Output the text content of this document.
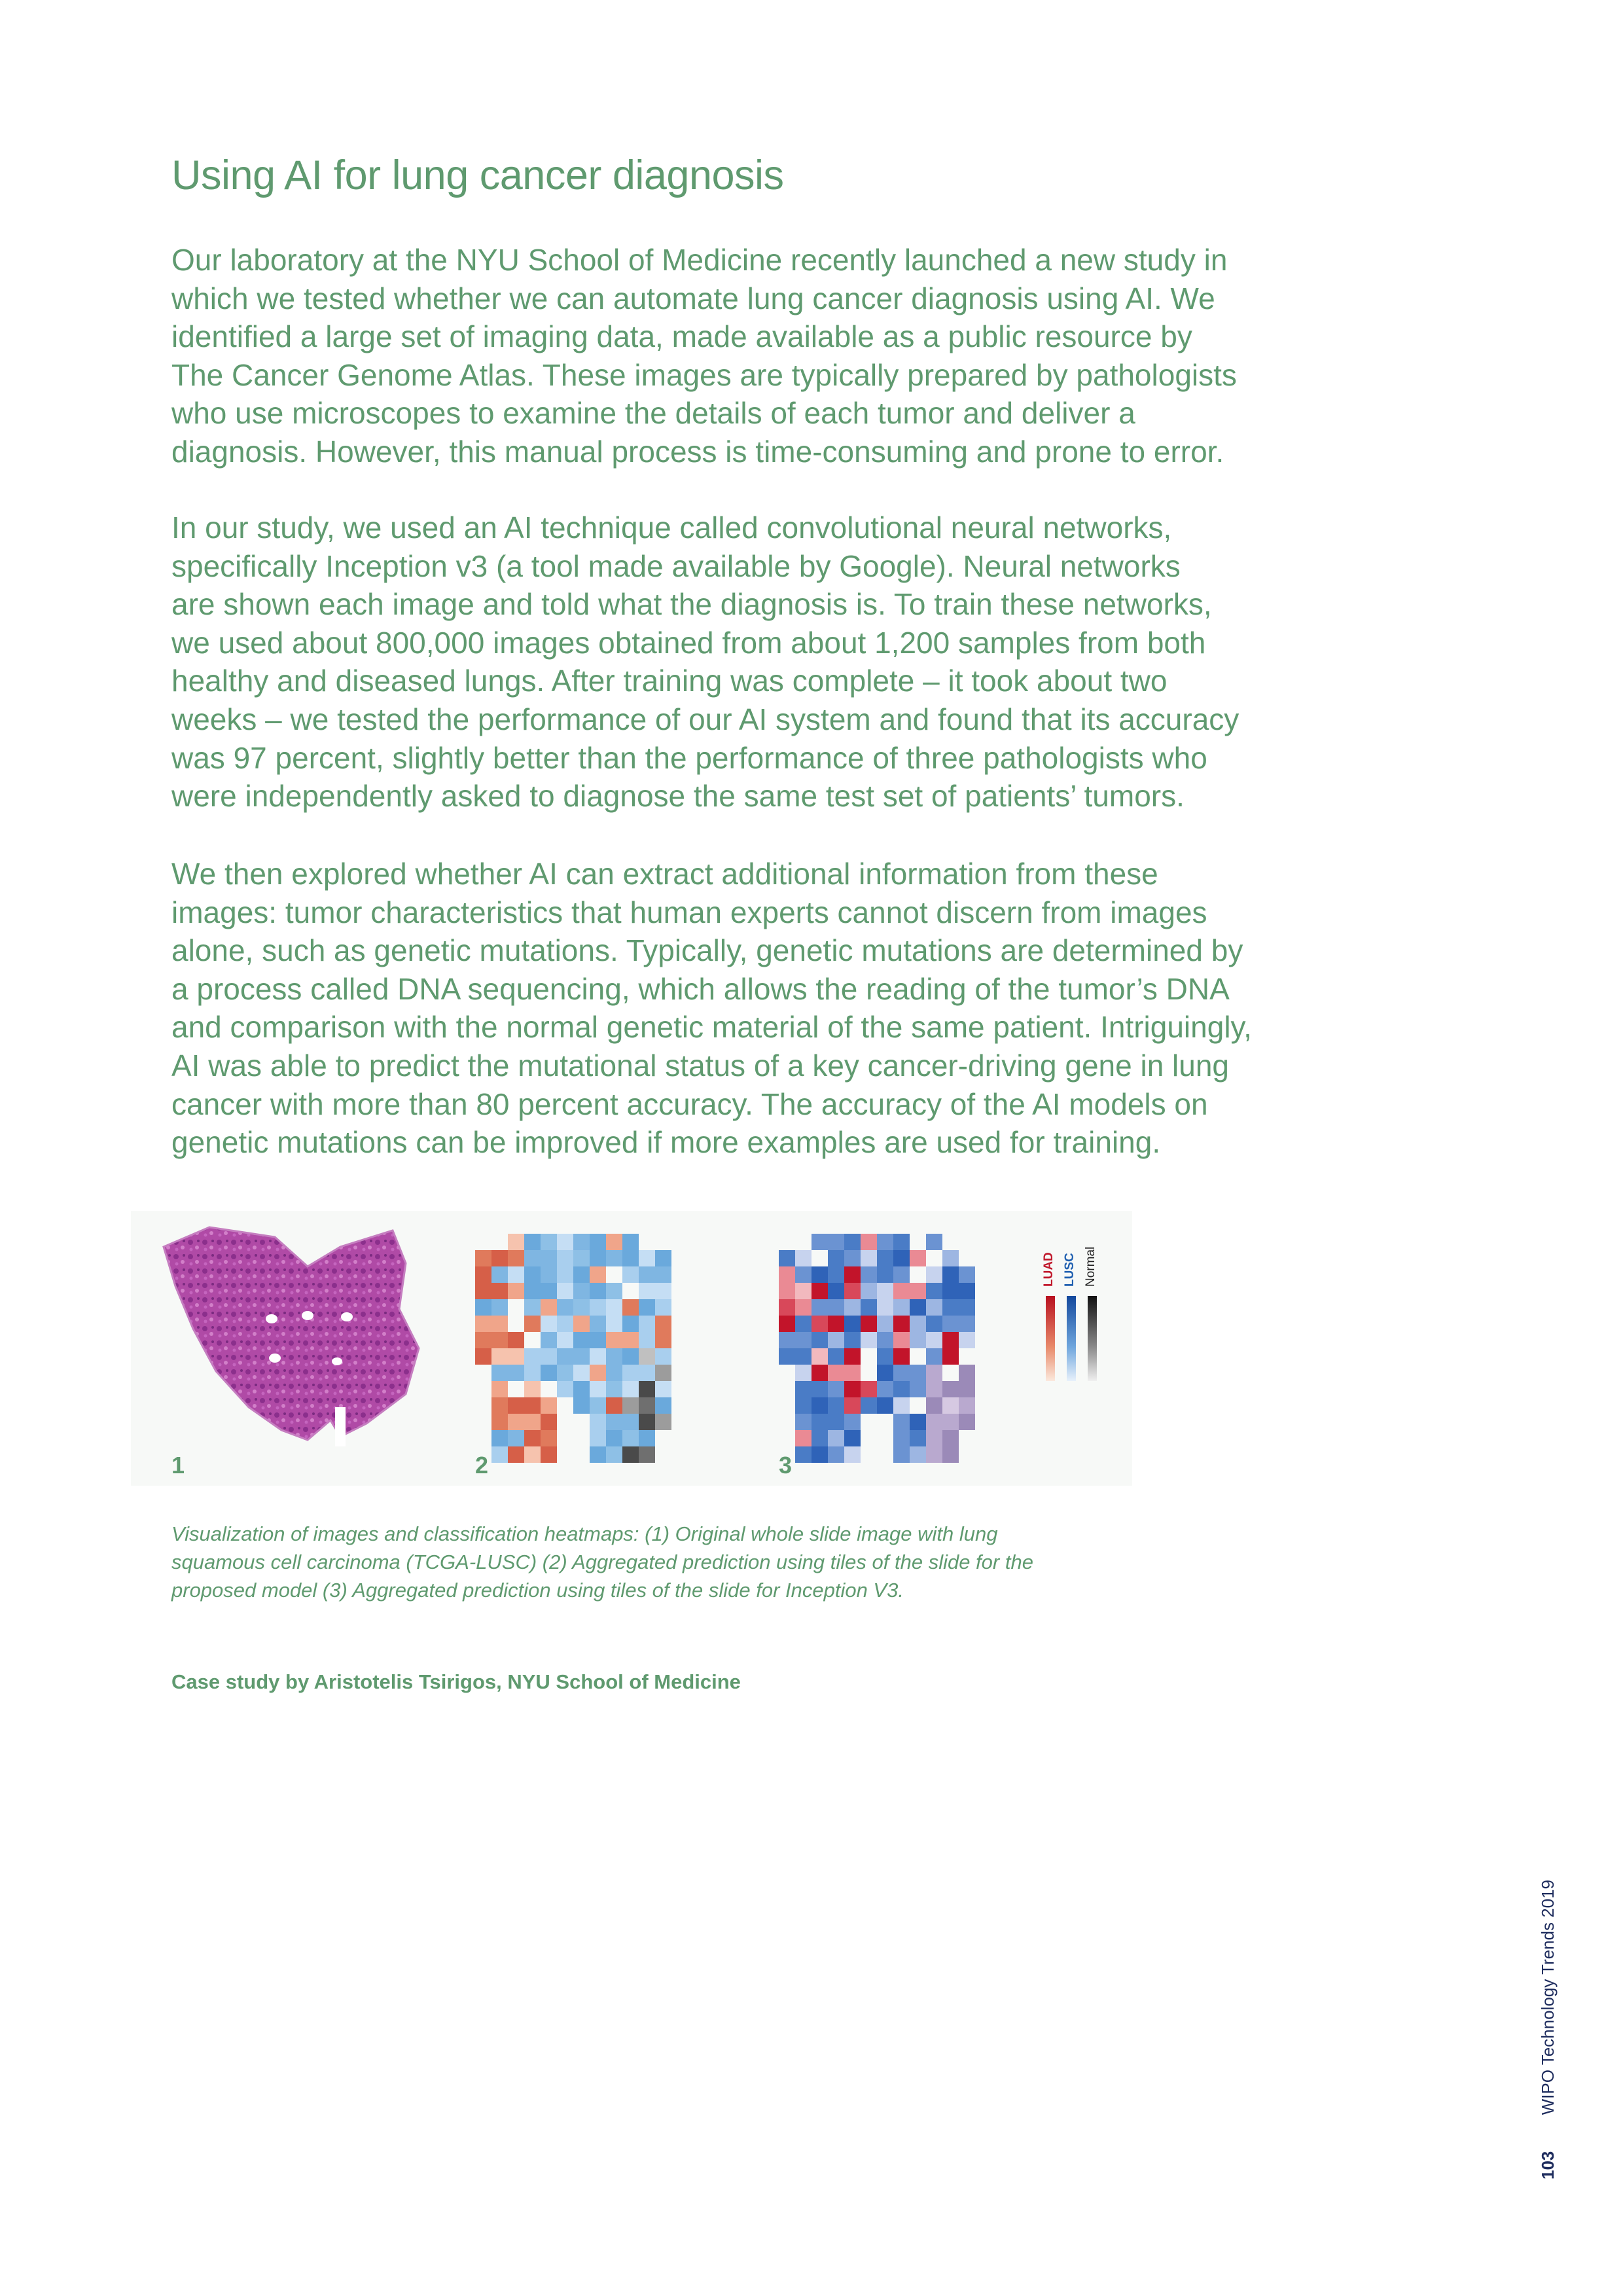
Using AI for lung cancer diagnosis

Our laboratory at the NYU School of Medicine recently launched a new study in
which we tested whether we can automate lung cancer diagnosis using AI. We
identified a large set of imaging data, made available as a public resource by
The Cancer Genome Atlas. These images are typically prepared by pathologists
who use microscopes to examine the details of each tumor and deliver a
diagnosis. However, this manual process is time-consuming and prone to error.

In our study, we used an AI technique called convolutional neural networks,
specifically Inception v3 (a tool made available by Google). Neural networks
are shown each image and told what the diagnosis is. To train these networks,
we used about 800,000 images obtained from about 1,200 samples from both
healthy and diseased lungs. After training was complete – it took about two
weeks – we tested the performance of our AI system and found that its accuracy
was 97 percent, slightly better than the performance of three pathologists who
were independently asked to diagnose the same test set of patients’ tumors.

We then explored whether AI can extract additional information from these
images: tumor characteristics that human experts cannot discern from images
alone, such as genetic mutations. Typically, genetic mutations are determined by
a process called DNA sequencing, which allows the reading of the tumor’s DNA
and comparison with the normal genetic material of the same patient. Intriguingly,
AI was able to predict the mutational status of a key cancer-driving gene in lung
cancer with more than 80 percent accuracy. The accuracy of the AI models on
genetic mutations can be improved if more examples are used for training.

LUAD LUSC Normal
1	2	3

Visualization of images and classification heatmaps: (1) Original whole slide image with lung
squamous cell carcinoma (TCGA-LUSC) (2) Aggregated prediction using tiles of the slide for the
proposed model (3) Aggregated prediction using tiles of the slide for Inception V3.

Case study by Aristotelis Tsirigos, NYU School of Medicine

103 WIPO Technology Trends 2019
